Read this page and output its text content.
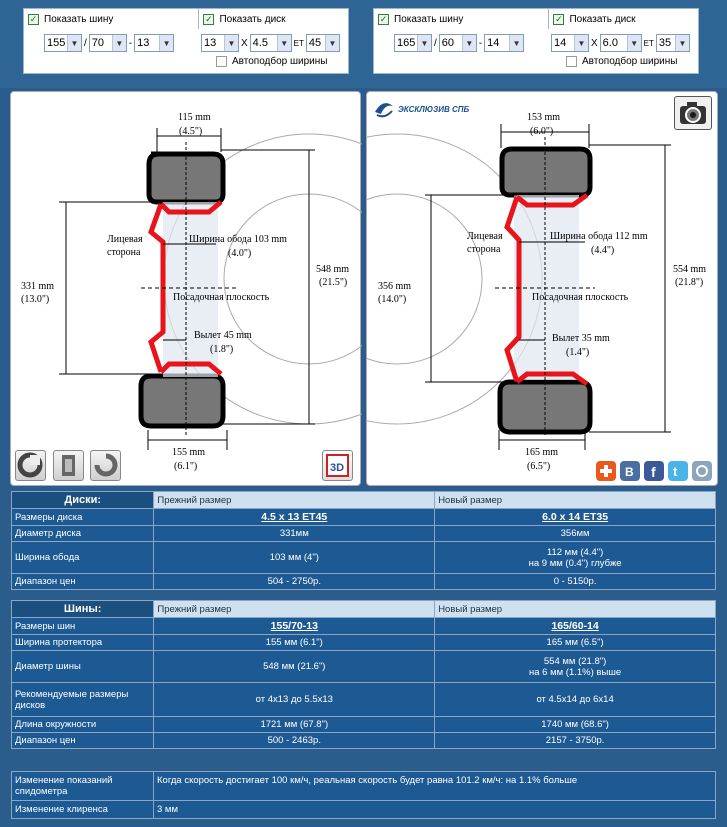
✓ Показать шину	✓ Показать диск
155 ▼ / 70	▼ - 13	▼	13	▼ X 4.5	▼ ET 45 ▼
Автоподбор ширины
✓ Показать шину	✓ Показать диск
165 ▼ / 60	▼ - 14	▼	14	▼ X 6.0	▼ ET 35 ▼
Автоподбор ширины
115 mm
(4.5")
331 mm
(13.0")
548 mm
(21.5")
Лицевая
сторона
Ширина обода 103 mm
(4.0")
Посадочная плоскость
Вылет 45 mm
(1.8")
155 mm
(6.1")	3D
153 mm
(6.0")
356 mm
(14.0")
554 mm
(21.8")
Лицевая
сторона
Ширина обода 112 mm
(4.4")
Посадочная плоскость
Вылет 35 mm
(1.4")
165 mm
(6.5")
ЭКСКЛЮЗИВ СПБ
B f t
Диски:	Прежний размер	Новый размер
Размеры диска	4.5 x 13 ET45	6.0 x 14 ET35
Диаметр диска	331мм	356мм
Ширина обода	103 мм (4")	112 мм (4.4")
на 9 мм (0.4") глубже

Диапазон цен	504 - 2750р.	0 - 5150р.
Шины:	Прежний размер	Новый размер
Размеры шин	155/70-13	165/60-14
Ширина протектора	155 мм (6.1")	165 мм (6.5")
Диаметр шины	548 мм (21.6")	554 мм (21.8")
на 6 мм (1.1%) выше

Рекомендуемые размеры дисков	от 4x13 до 5.5x13	от 4.5x14 до 6x14
Длина окружности	1721 мм (67.8")	1740 мм (68.6")
Диапазон цен	500 - 2463р.	2157 - 3750р.
Изменение показаний спидометра	Когда скорость достигает 100 км/ч, реальная скорость будет равна 101.2 км/ч: на 1.1% больше
Изменение клиренса	3 мм
